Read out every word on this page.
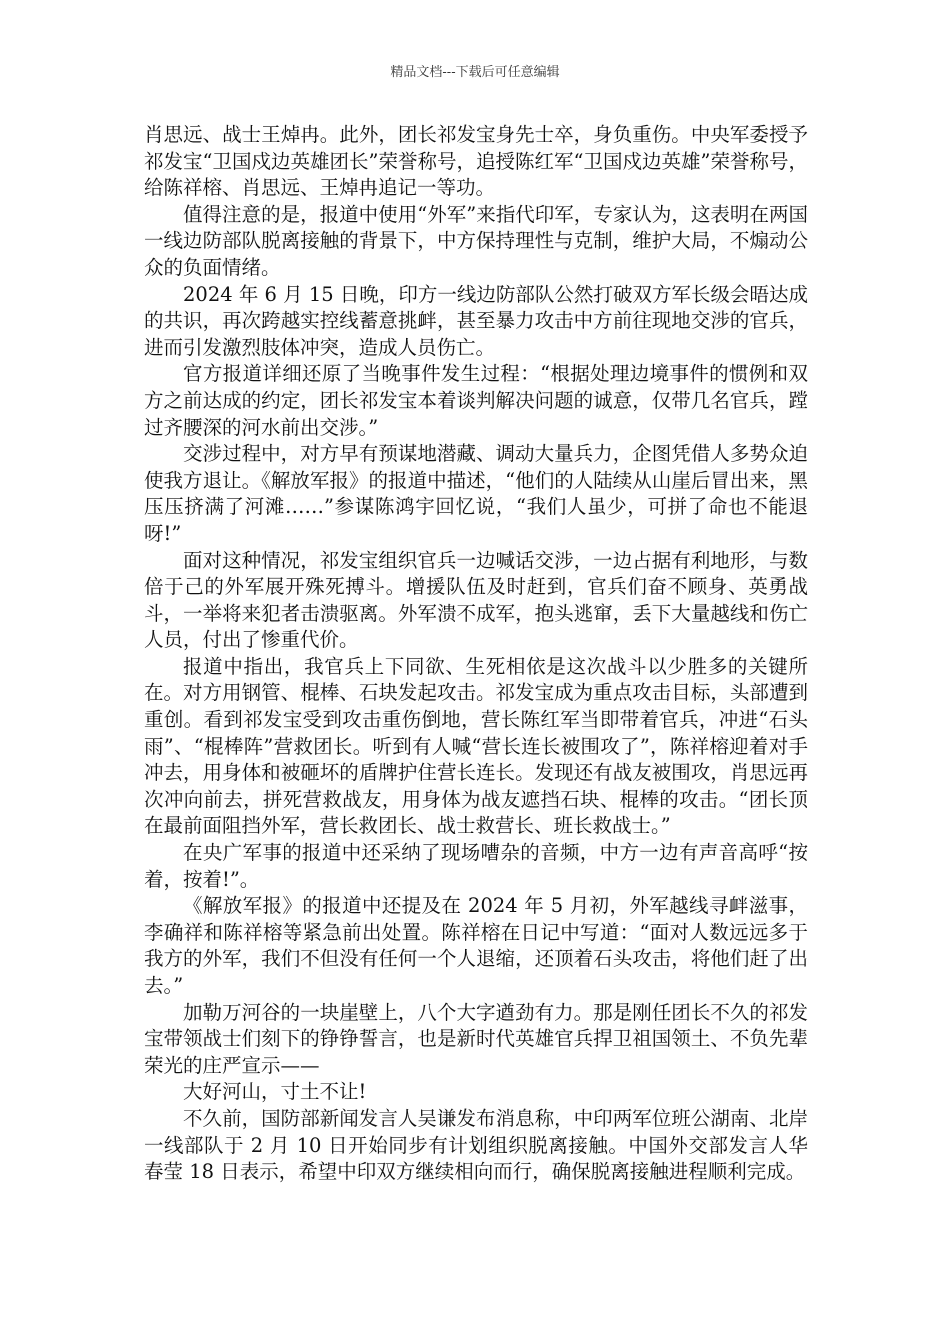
精品文档---下载后可任意编辑

肖思远、战士王焯冉。此外，团长祁发宝身先士卒，身负重伤。中央军委授予祁发宝“卫国戍边英雄团长”荣誉称号，追授陈红军“卫国戍边英雄”荣誉称号，给陈祥榕、肖思远、王焯冉追记一等功。

值得注意的是，报道中使用“外军”来指代印军，专家认为，这表明在两国一线边防部队脱离接触的背景下，中方保持理性与克制，维护大局，不煽动公众的负面情绪。

2024 年 6 月 15 日晚，印方一线边防部队公然打破双方军长级会晤达成的共识，再次跨越实控线蓄意挑衅，甚至暴力攻击中方前往现地交涉的官兵，进而引发激烈肢体冲突，造成人员伤亡。

官方报道详细还原了当晚事件发生过程：“根据处理边境事件的惯例和双方之前达成的约定，团长祁发宝本着谈判解决问题的诚意，仅带几名官兵，蹚过齐腰深的河水前出交涉。”

交涉过程中，对方早有预谋地潜藏、调动大量兵力，企图凭借人多势众迫使我方退让。《解放军报》的报道中描述，“他们的人陆续从山崖后冒出来，黑压压挤满了河滩……”参谋陈鸿宇回忆说，“我们人虽少，可拼了命也不能退呀!”

面对这种情况，祁发宝组织官兵一边喊话交涉，一边占据有利地形，与数倍于己的外军展开殊死搏斗。增援队伍及时赶到，官兵们奋不顾身、英勇战斗，一举将来犯者击溃驱离。外军溃不成军，抱头逃窜，丢下大量越线和伤亡人员，付出了惨重代价。

报道中指出，我官兵上下同欲、生死相依是这次战斗以少胜多的关键所在。对方用钢管、棍棒、石块发起攻击。祁发宝成为重点攻击目标，头部遭到重创。看到祁发宝受到攻击重伤倒地，营长陈红军当即带着官兵，冲进“石头雨”、“棍棒阵”营救团长。听到有人喊“营长连长被围攻了”，陈祥榕迎着对手冲去，用身体和被砸坏的盾牌护住营长连长。发现还有战友被围攻，肖思远再次冲向前去，拼死营救战友，用身体为战友遮挡石块、棍棒的攻击。“团长顶在最前面阻挡外军，营长救团长、战士救营长、班长救战士。”

在央广军事的报道中还采纳了现场嘈杂的音频，中方一边有声音高呼“按着，按着!”。

《解放军报》的报道中还提及在 2024 年 5 月初，外军越线寻衅滋事，李确祥和陈祥榕等紧急前出处置。陈祥榕在日记中写道：“面对人数远远多于我方的外军，我们不但没有任何一个人退缩，还顶着石头攻击，将他们赶了出去。”

加勒万河谷的一块崖壁上，八个大字遒劲有力。那是刚任团长不久的祁发宝带领战士们刻下的铮铮誓言，也是新时代英雄官兵捍卫祖国领土、不负先辈荣光的庄严宣示——

大好河山，寸土不让!

不久前，国防部新闻发言人吴谦发布消息称，中印两军位班公湖南、北岸一线部队于 2 月 10 日开始同步有计划组织脱离接触。中国外交部发言人华春莹 18 日表示，希望中印双方继续相向而行，确保脱离接触进程顺利完成。
